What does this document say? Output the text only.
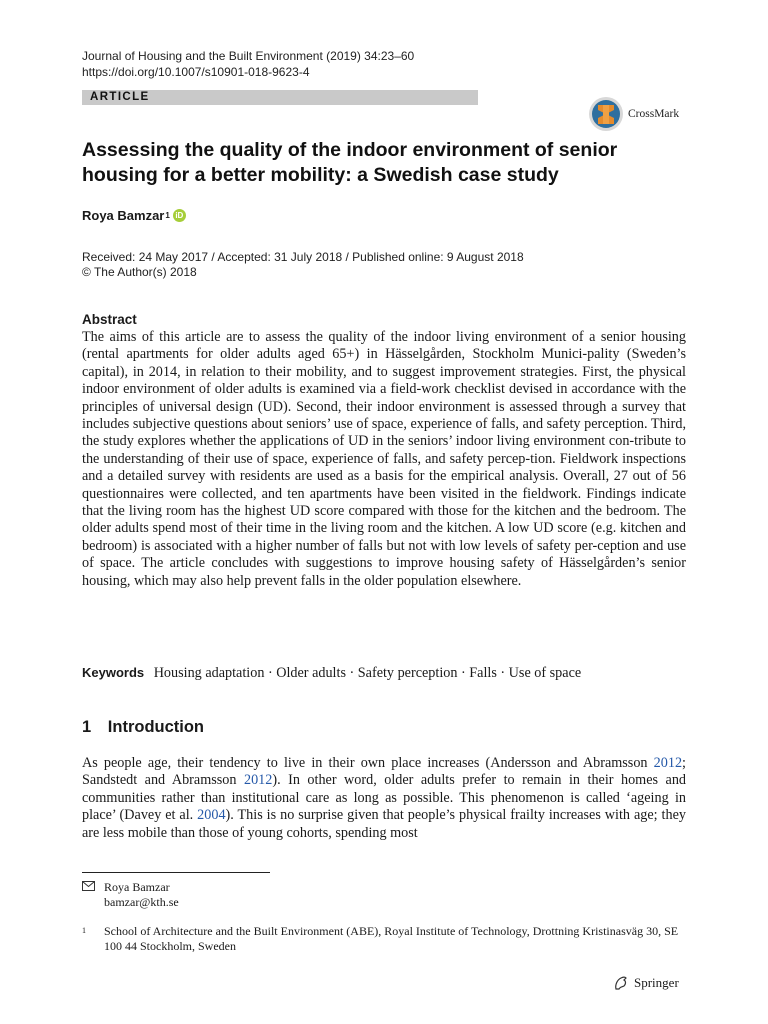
Journal of Housing and the Built Environment (2019) 34:23–60
https://doi.org/10.1007/s10901-018-9623-4
ARTICLE
CrossMark
Assessing the quality of the indoor environment of senior
housing for a better mobility: a Swedish case study
Roya Bamzar 1 iD
Received: 24 May 2017 / Accepted: 31 July 2018 / Published online: 9 August 2018
© The Author(s) 2018
Abstract
The aims of this article are to assess the quality of the indoor living environment of a senior housing (rental apartments for older adults aged 65+) in Hässelgården, Stockholm Munici-pality (Sweden’s capital), in 2014, in relation to their mobility, and to suggest improvement strategies. First, the physical indoor environment of older adults is examined via a field-work checklist devised in accordance with the principles of universal design (UD). Second, their indoor environment is assessed through a survey that includes subjective questions about seniors’ use of space, experience of falls, and safety perception. Third, the study explores whether the applications of UD in the seniors’ indoor living environment con-tribute to the understanding of their use of space, experience of falls, and safety percep-tion. Fieldwork inspections and a detailed survey with residents are used as a basis for the empirical analysis. Overall, 27 out of 56 questionnaires were collected, and ten apartments have been visited in the fieldwork. Findings indicate that the living room has the highest UD score compared with those for the kitchen and the bedroom. The older adults spend most of their time in the living room and the kitchen. A low UD score (e.g. kitchen and bedroom) is associated with a higher number of falls but not with low levels of safety per-ception and use of space. The article concludes with suggestions to improve housing safety of Hässelgården’s senior housing, which may also help prevent falls in the older population elsewhere.
Keywords Housing adaptation · Older adults · Safety perception · Falls · Use of space
1 Introduction
As people age, their tendency to live in their own place increases (Andersson and Abramsson 2012; Sandstedt and Abramsson 2012). In other word, older adults prefer to remain in their homes and communities rather than institutional care as long as possible. This phenomenon is called ‘ageing in place’ (Davey et al. 2004). This is no surprise given that people’s physical frailty increases with age; they are less mobile than those of young cohorts, spending most
Roya Bamzar
bamzar@kth.se
1	School of Architecture and the Built Environment (ABE), Royal Institute of Technology, Drottning Kristinasväg 30, SE 100 44 Stockholm, Sweden
Springer
